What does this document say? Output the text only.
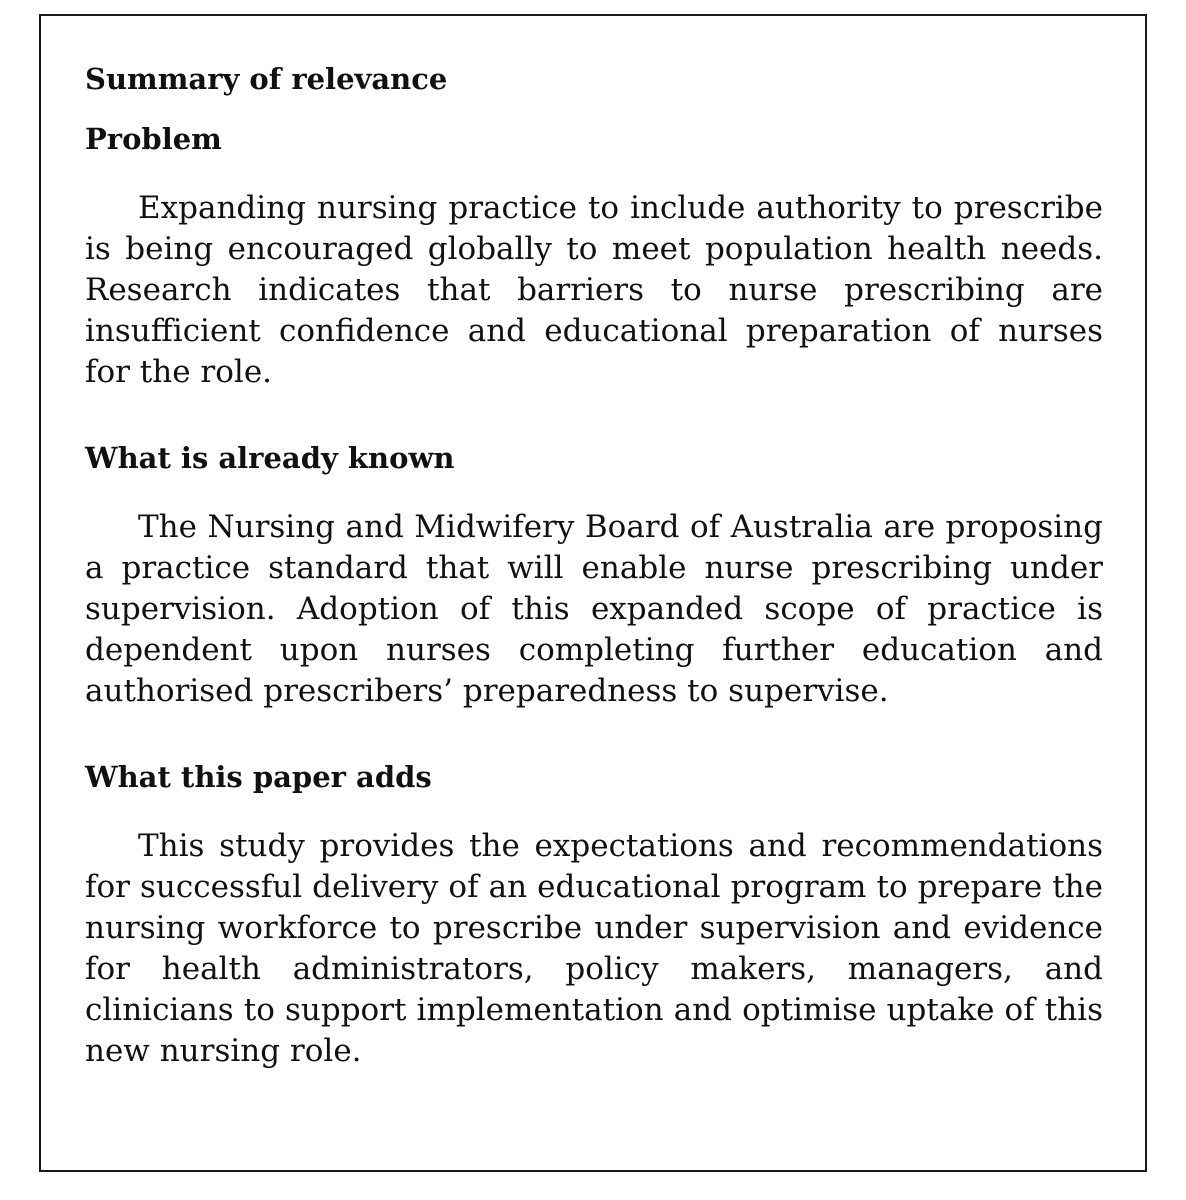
Summary of relevance
Problem

Expanding nursing practice to include authority to prescribe is being encouraged globally to meet population health needs. Research indicates that barriers to nurse prescribing are insufficient confidence and educational preparation of nurses for the role.

What is already known

The Nursing and Midwifery Board of Australia are proposing a practice standard that will enable nurse prescribing under supervision. Adoption of this expanded scope of practice is dependent upon nurses completing further education and authorised prescribers’ preparedness to supervise.

What this paper adds

This study provides the expectations and recommendations for successful delivery of an educational program to prepare the nursing workforce to prescribe under supervision and evidence for health administrators, policy makers, managers, and clinicians to support implementation and optimise uptake of this new nursing role.
